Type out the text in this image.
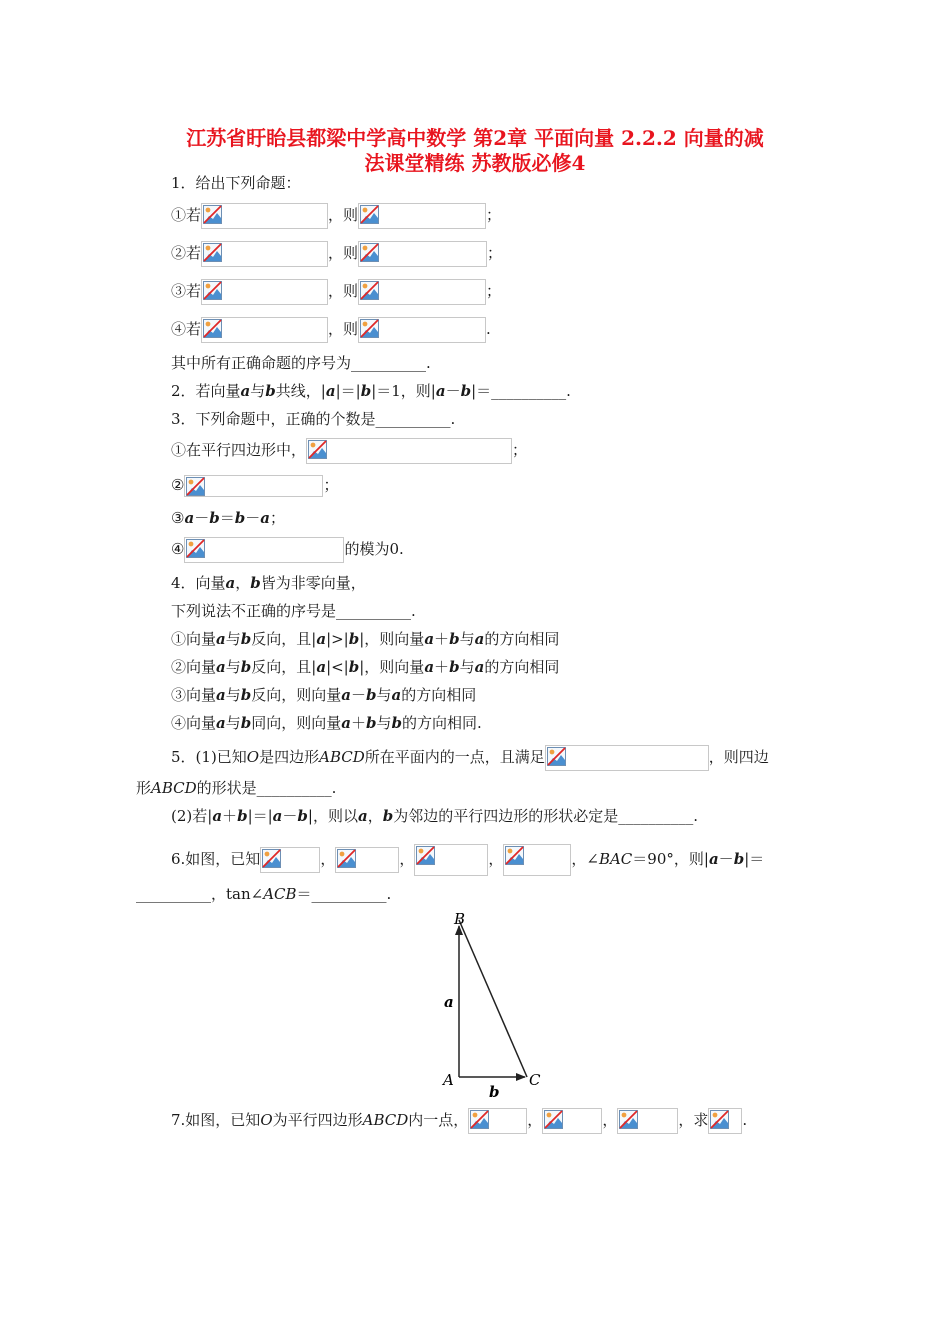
江苏省盱眙县都梁中学高中数学 第2章 平面向量 2.2.2 向量的减
法课堂精练 苏教版必修4
1．给出下列命题：
①若	，则	；
②若	，则	；
③若	，则	；
④若	，则	.
其中所有正确命题的序号为__________.
2．若向量a与b共线，|a|＝|b|＝1，则|a－b|＝__________.
3．下列命题中，正确的个数是__________.
①在平行四边形中，	；
②	；
③a－b＝b－a；
④	的模为0.
4．向量a，b皆为非零向量，
下列说法不正确的序号是__________.
①向量a与b反向，且|a|>|b|，则向量a＋b与a的方向相同
②向量a与b反向，且|a|<|b|，则向量a＋b与a的方向相同
③向量a与b反向，则向量a－b与a的方向相同
④向量a与b同向，则向量a＋b与b的方向相同.
5．(1)已知O是四边形ABCD所在平面内的一点，且满足	，则四边
形ABCD的形状是__________.
(2)若|a＋b|＝|a－b|，则以a，b为邻边的平行四边形的形状必定是__________.
6.如图，已知	，	，	，	，∠BAC＝90°，则|a－b|＝
__________，tan∠ACB＝__________.
B
A	C
a
b
7.如图，已知O为平行四边形ABCD内一点，	，	，	，求 .
